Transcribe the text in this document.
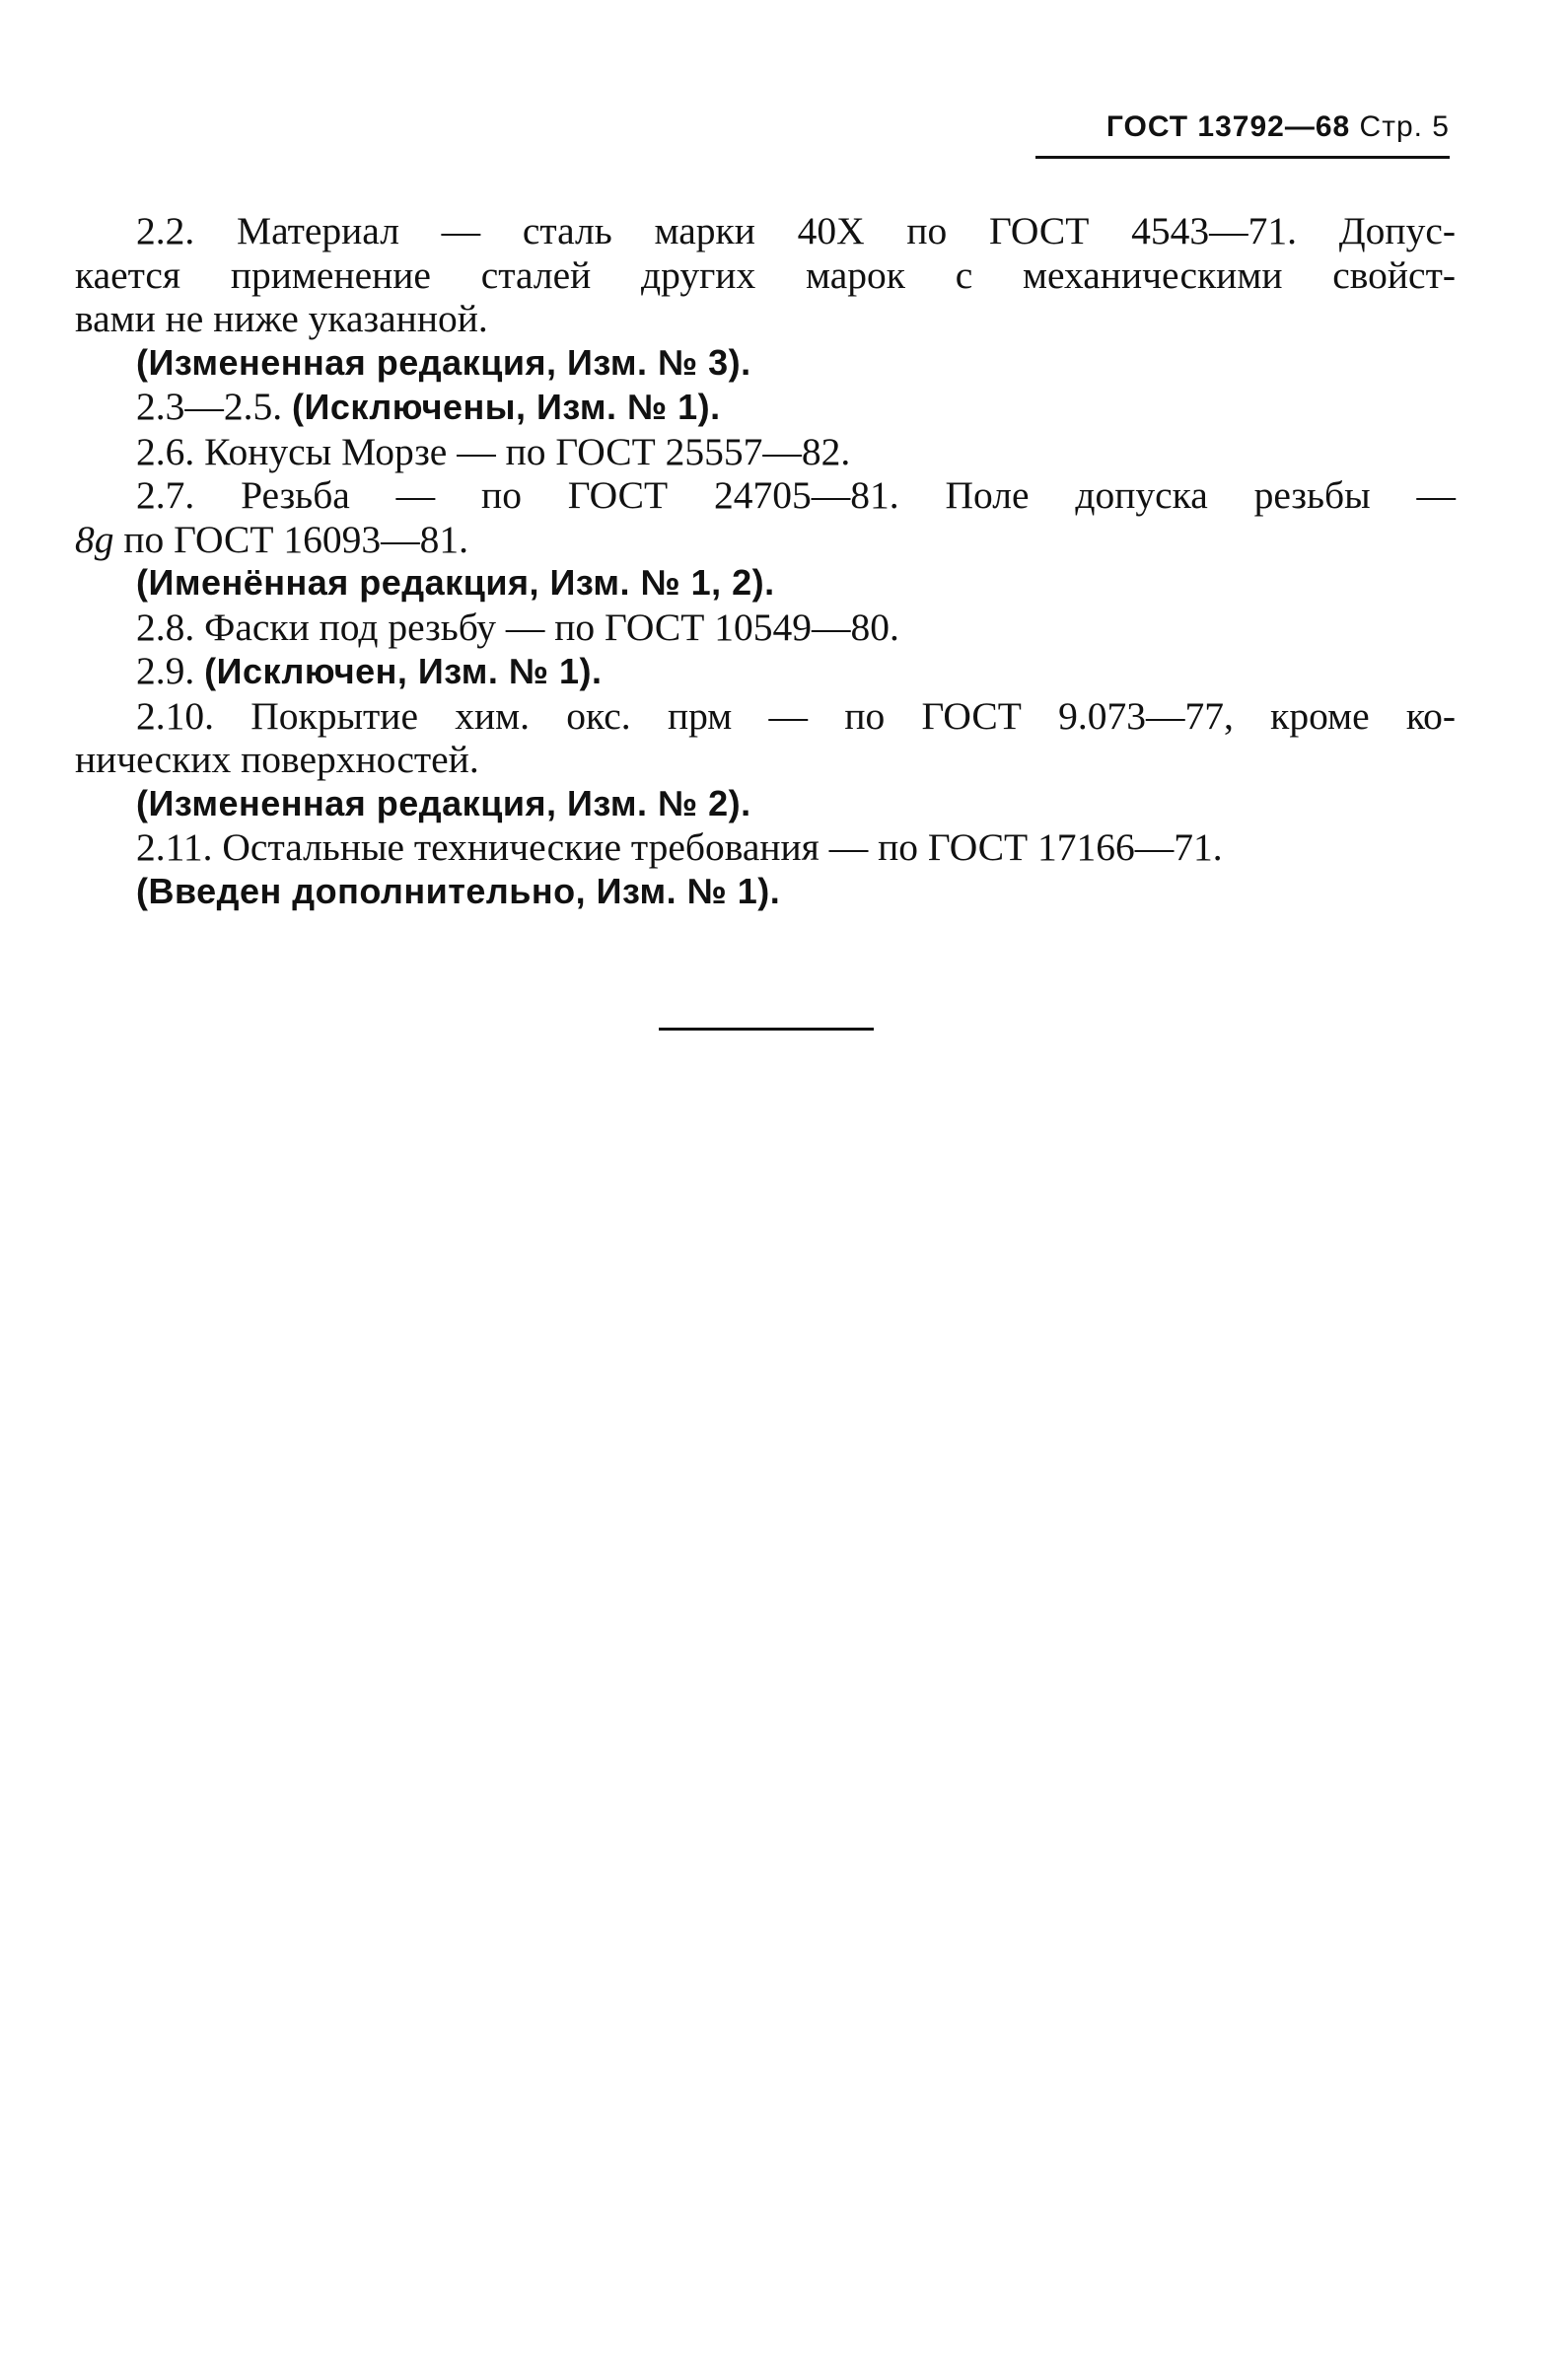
ГОСТ 13792—68 Стр. 5

2.2. Материал — сталь марки 40Х по ГОСТ 4543—71. Допус-

кается применение сталей других марок с механическими свойст-

вами не ниже указанной.

(Измененная редакция, Изм. № 3).

2.3—2.5. (Исключены, Изм. № 1).

2.6. Конусы Морзе — по ГОСТ 25557—82.

2.7. Резьба — по ГОСТ 24705—81. Поле допуска резьбы —

8g по ГОСТ 16093—81.

(Именённая редакция, Изм. № 1, 2).

2.8. Фаски под резьбу — по ГОСТ 10549—80.

2.9. (Исключен, Изм. № 1).

2.10. Покрытие хим. окс. прм — по ГОСТ 9.073—77, кроме ко-

нических поверхностей.

(Измененная редакция, Изм. № 2).

2.11. Остальные технические требования — по ГОСТ 17166—71.

(Введен дополнительно, Изм. № 1).
